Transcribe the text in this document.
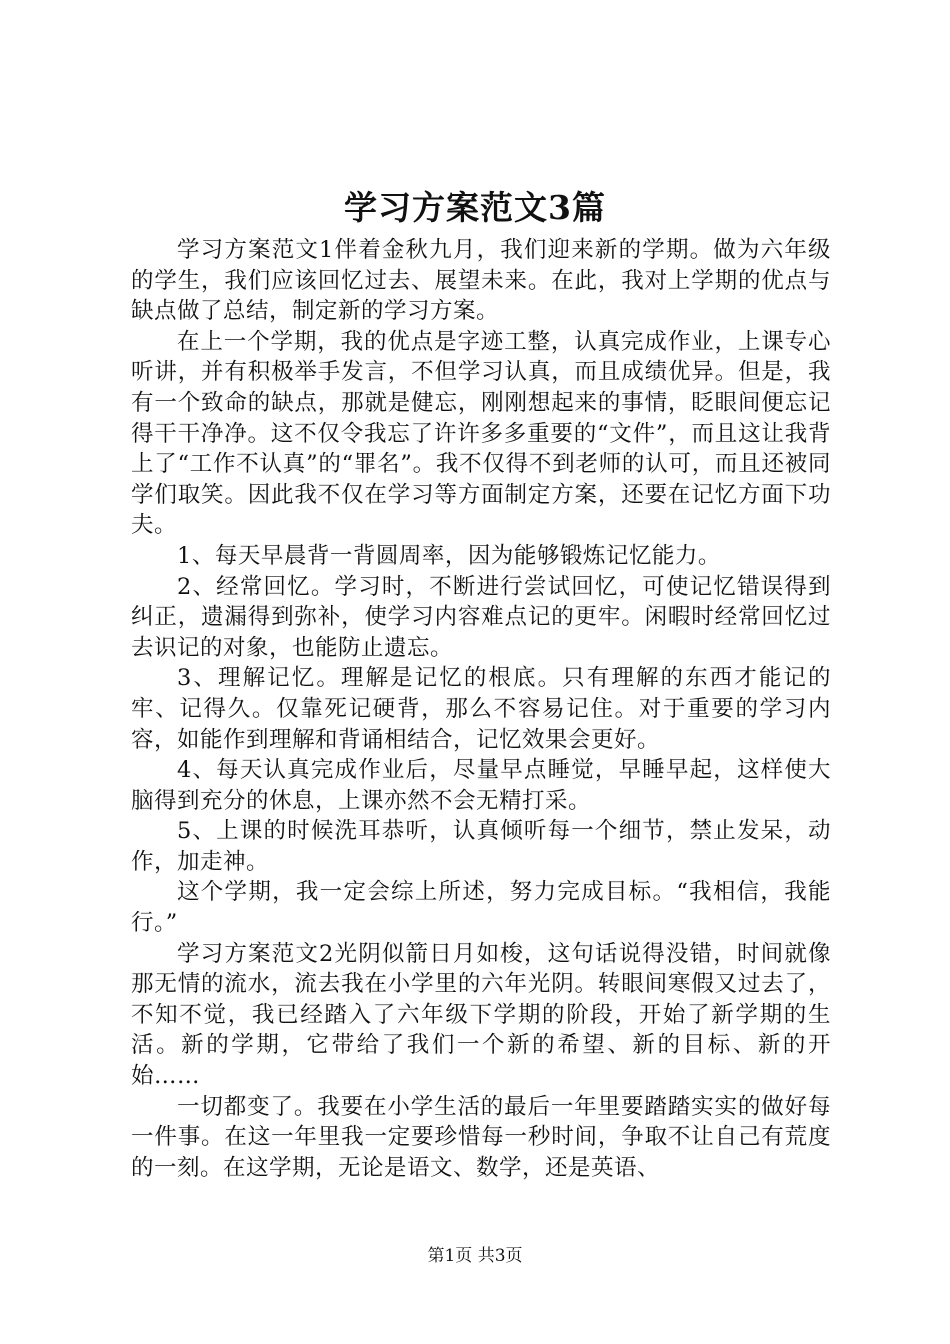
学习方案范文3篇

学习方案范文1伴着金秋九月，我们迎来新的学期。做为六年级的学生，我们应该回忆过去、展望未来。在此，我对上学期的优点与缺点做了总结，制定新的学习方案。

在上一个学期，我的优点是字迹工整，认真完成作业，上课专心听讲，并有积极举手发言，不但学习认真，而且成绩优异。但是，我有一个致命的缺点，那就是健忘，刚刚想起来的事情，眨眼间便忘记得干干净净。这不仅令我忘了许许多多重要的“文件”，而且这让我背上了“工作不认真”的“罪名”。我不仅得不到老师的认可，而且还被同学们取笑。因此我不仅在学习等方面制定方案，还要在记忆方面下功夫。

1、每天早晨背一背圆周率，因为能够锻炼记忆能力。

2、经常回忆。学习时，不断进行尝试回忆，可使记忆错误得到纠正，遗漏得到弥补，使学习内容难点记的更牢。闲暇时经常回忆过去识记的对象，也能防止遗忘。

3、理解记忆。理解是记忆的根底。只有理解的东西才能记的牢、记得久。仅靠死记硬背，那么不容易记住。对于重要的学习内容，如能作到理解和背诵相结合，记忆效果会更好。

4、每天认真完成作业后，尽量早点睡觉，早睡早起，这样使大脑得到充分的休息，上课亦然不会无精打采。

5、上课的时候洗耳恭听，认真倾听每一个细节，禁止发呆，动作，加走神。

这个学期，我一定会综上所述，努力完成目标。“我相信，我能行。”

学习方案范文2光阴似箭日月如梭，这句话说得没错，时间就像那无情的流水，流去我在小学里的六年光阴。转眼间寒假又过去了，不知不觉，我已经踏入了六年级下学期的阶段，开始了新学期的生活。新的学期，它带给了我们一个新的希望、新的目标、新的开始……

一切都变了。我要在小学生活的最后一年里要踏踏实实的做好每一件事。在这一年里我一定要珍惜每一秒时间，争取不让自己有荒度的一刻。在这学期，无论是语文、数学，还是英语、

第1页 共3页
